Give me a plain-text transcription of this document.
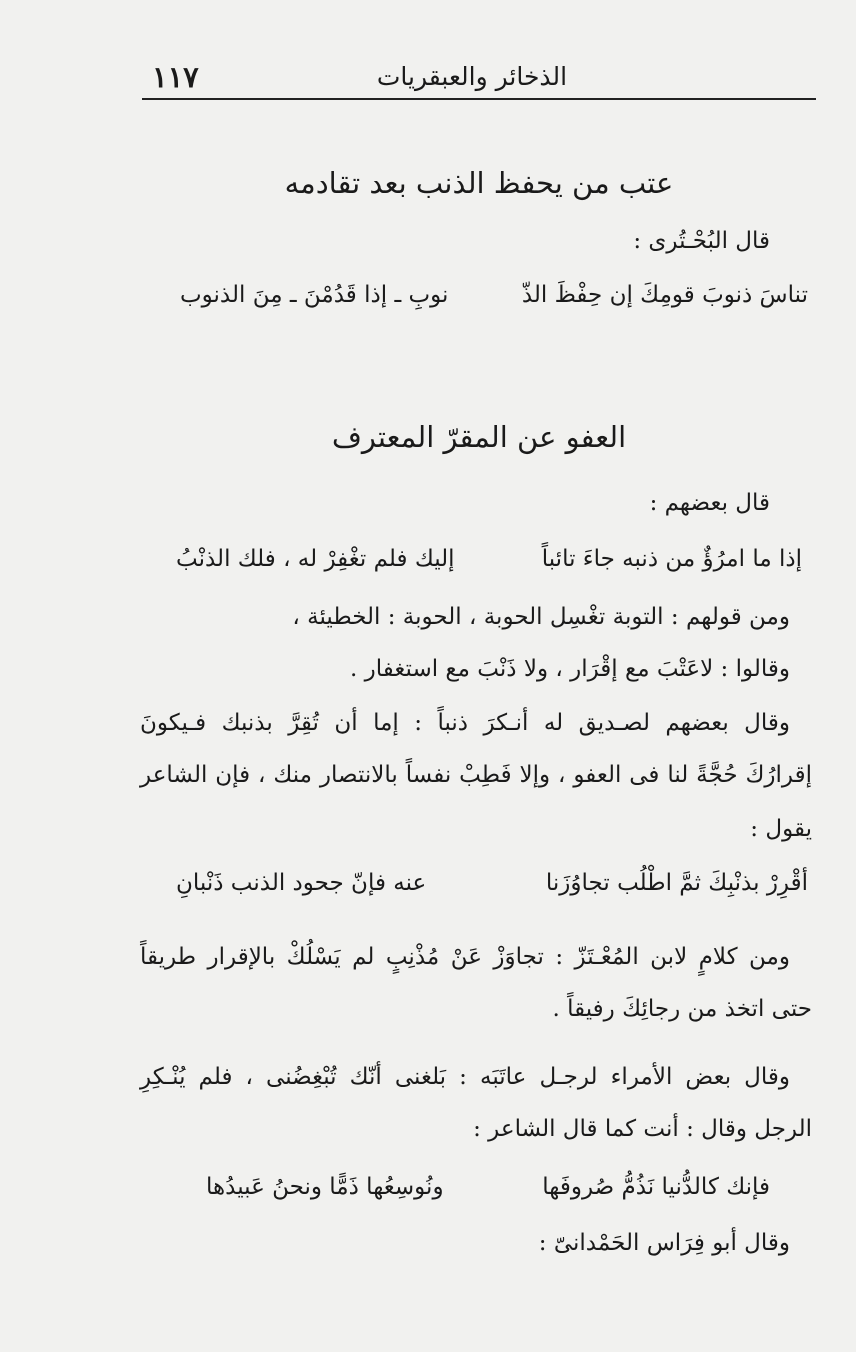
الذخائر والعبقريات
١١٧
عتب من يحفظ الذنب بعد تقادمه
قال البُحْـتُرى :
تناسَ ذنوبَ قومِكَ إن حِفْظَ الذّ
نوبِ ـ إذا قَدُمْنَ ـ مِنَ الذنوب
العفو عن المقرّ المعترف
قال بعضهم :
إذا ما امرُؤٌ من ذنبه جاءَ تائباً
إليك فلم تغْفِرْ له ، فلك الذنْبُ
ومن قولهم : التوبة تغْسِل الحوبة ، الحوبة : الخطيئة ،
وقالوا : لاعَتْبَ مع إقْرَار ، ولا ذَنْبَ مع استغفار .
وقال بعضهم لصـديق له أنـكرَ ذنباً : إما أن تُقِرَّ بذنبك فـيكونَ
إقرارُكَ حُجَّةً لنا فى العفو ، وإلا فَطِبْ نفساً بالانتصار منك ، فإن الشاعر
يقول :
أقْرِرْ بذنْبِكَ ثمَّ اطْلُب تجاوُزَنا
عنه فإنّ جحود الذنب ذَنْبانِ
ومن كلامٍ لابن المُعْـتَزّ : تجاوَزْ عَنْ مُذْنِبٍ لم يَسْلُكْ بالإقرار طريقاً
حتى اتخذ من رجائِكَ رفيقاً .
وقال بعض الأمراء لرجـل عاتَبَه : بَلغنى أنّك تُبْغِضُنى ، فلم يُنْـكِرِ
الرجل وقال : أنت كما قال الشاعر :
فإنك كالدُّنيا نَذُمُّ صُروفَها
ونُوسِعُها ذَمًّا ونحنُ عَبيدُها
وقال أبو فِرَاس الحَمْدانىّ :
